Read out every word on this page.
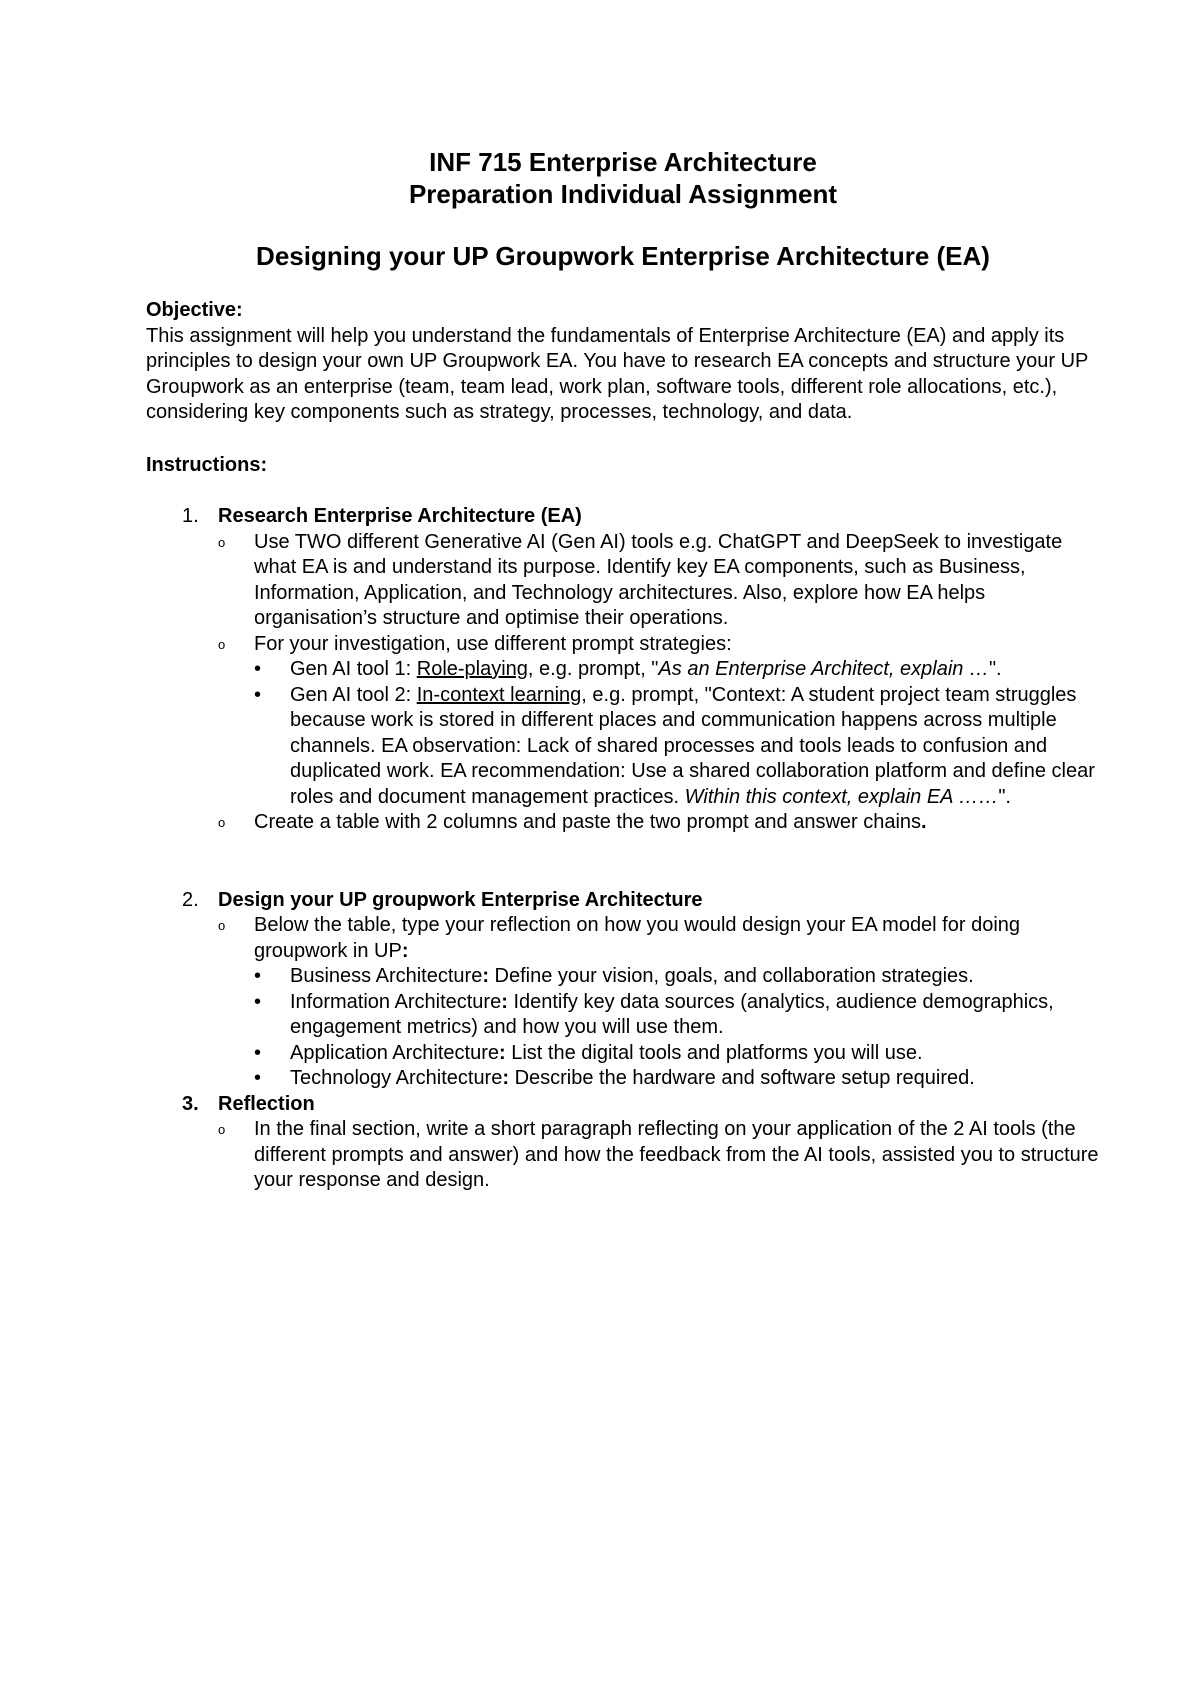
INF 715 Enterprise Architecture
Preparation Individual Assignment
Designing your UP Groupwork Enterprise Architecture (EA)
Objective:

This assignment will help you understand the fundamentals of Enterprise Architecture (EA) and apply its principles to design your own UP Groupwork EA. You have to research EA concepts and structure your UP Groupwork as an enterprise (team, team lead, work plan, software tools, different role allocations, etc.), considering key components such as strategy, processes, technology, and data.

Instructions:
1. Research Enterprise Architecture (EA)
o Use TWO different Generative AI (Gen AI) tools e.g. ChatGPT and DeepSeek to investigate what EA is and understand its purpose. Identify key EA components, such as Business, Information, Application, and Technology architectures. Also, explore how EA helps organisation’s structure and optimise their operations.
o For your investigation, use different prompt strategies:
• Gen AI tool 1: Role-playing, e.g. prompt, "As an Enterprise Architect, explain …".
• Gen AI tool 2: In-context learning, e.g. prompt, "Context: A student project team struggles because work is stored in different places and communication happens across multiple channels. EA observation: Lack of shared processes and tools leads to confusion and duplicated work. EA recommendation: Use a shared collaboration platform and define clear roles and document management practices. Within this context, explain EA ……".
o Create a table with 2 columns and paste the two prompt and answer chains.
2. Design your UP groupwork Enterprise Architecture
o Below the table, type your reflection on how you would design your EA model for doing groupwork in UP:
• Business Architecture: Define your vision, goals, and collaboration strategies.
• Information Architecture: Identify key data sources (analytics, audience demographics, engagement metrics) and how you will use them.
• Application Architecture: List the digital tools and platforms you will use.
• Technology Architecture: Describe the hardware and software setup required.
3. Reflection
o In the final section, write a short paragraph reflecting on your application of the 2 AI tools (the different prompts and answer) and how the feedback from the AI tools, assisted you to structure your response and design.
